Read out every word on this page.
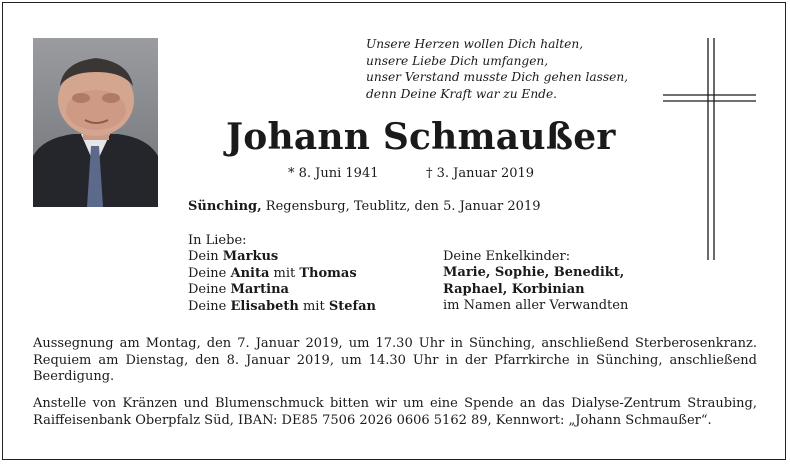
Unsere Herzen wollen Dich halten,
unsere Liebe Dich umfangen,
unser Verstand musste Dich gehen lassen,
denn Deine Kraft war zu Ende.
Johann Schmaußer
* 8. Juni 1941	† 3. Januar 2019
Sünching, Regensburg, Teublitz, den 5. Januar 2019
In Liebe:
Dein Markus
Deine Anita mit Thomas
Deine Martina
Deine Elisabeth mit Stefan
Deine Enkelkinder:
Marie, Sophie, Benedikt,
Raphael, Korbinian
im Namen aller Verwandten
Aussegnung am Montag, den 7. Januar 2019, um 17.30 Uhr in Sünching, anschließend Sterberosenkranz. Requiem am Dienstag, den 8. Januar 2019, um 14.30 Uhr in der Pfarrkirche in Sünching, anschließend Beerdigung.
Anstelle von Kränzen und Blumenschmuck bitten wir um eine Spende an das Dialyse-Zentrum Straubing, Raiffeisenbank Oberpfalz Süd, IBAN: DE85 7506 2026 0606 5162 89, Kennwort: „Johann Schmaußer“.
